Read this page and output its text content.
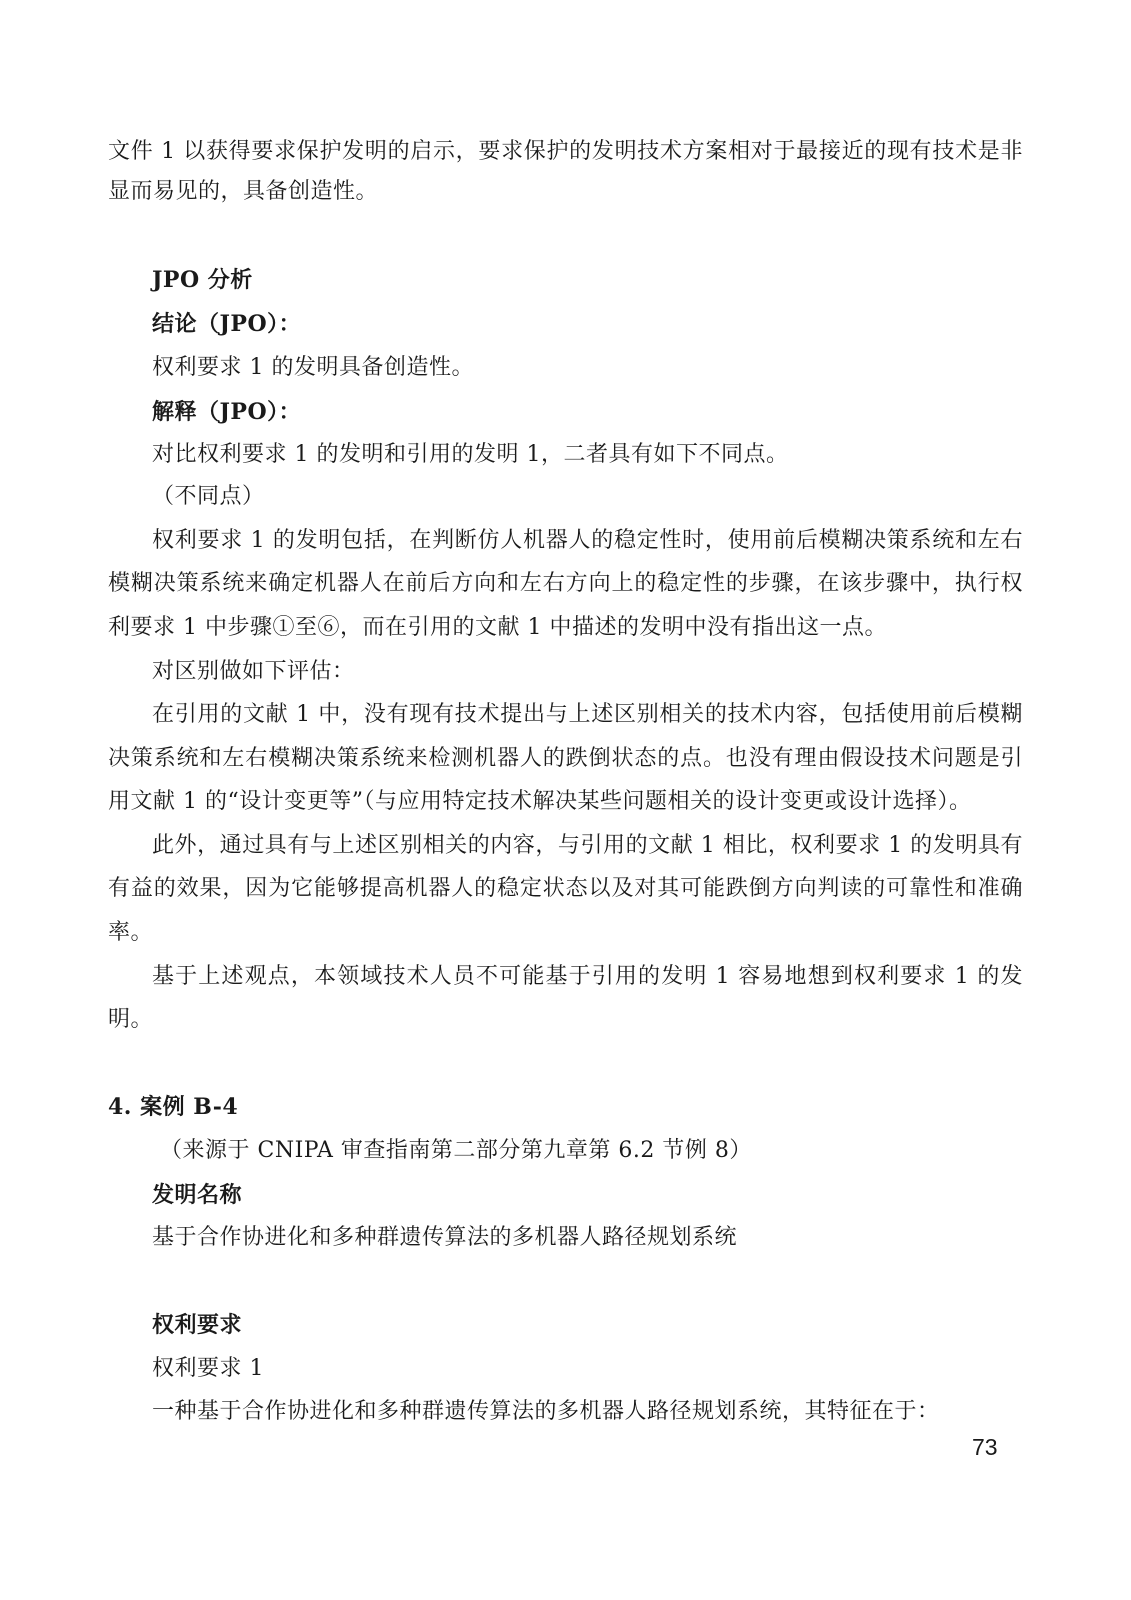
文件 1 以获得要求保护发明的启示，要求保护的发明技术方案相对于最接近的现有技术是非
显而易见的，具备创造性。
JPO 分析
结论（JPO）：
权利要求 1 的发明具备创造性。
解释（JPO）：
对比权利要求 1 的发明和引用的发明 1，二者具有如下不同点。
（不同点）
权利要求 1 的发明包括，在判断仿人机器人的稳定性时，使用前后模糊决策系统和左右
模糊决策系统来确定机器人在前后方向和左右方向上的稳定性的步骤，在该步骤中，执行权
利要求 1 中步骤①至⑥，而在引用的文献 1 中描述的发明中没有指出这一点。
对区别做如下评估：
在引用的文献 1 中，没有现有技术提出与上述区别相关的技术内容，包括使用前后模糊
决策系统和左右模糊决策系统来检测机器人的跌倒状态的点。也没有理由假设技术问题是引
用文献 1 的“设计变更等”（与应用特定技术解决某些问题相关的设计变更或设计选择）。
此外，通过具有与上述区别相关的内容，与引用的文献 1 相比，权利要求 1 的发明具有
有益的效果，因为它能够提高机器人的稳定状态以及对其可能跌倒方向判读的可靠性和准确
率。
基于上述观点，本领域技术人员不可能基于引用的发明 1 容易地想到权利要求 1 的发
明。
4. 案例 B-4
（来源于 CNIPA 审查指南第二部分第九章第 6.2 节例 8）
发明名称
基于合作协进化和多种群遗传算法的多机器人路径规划系统
权利要求
权利要求 1
一种基于合作协进化和多种群遗传算法的多机器人路径规划系统，其特征在于：
73
